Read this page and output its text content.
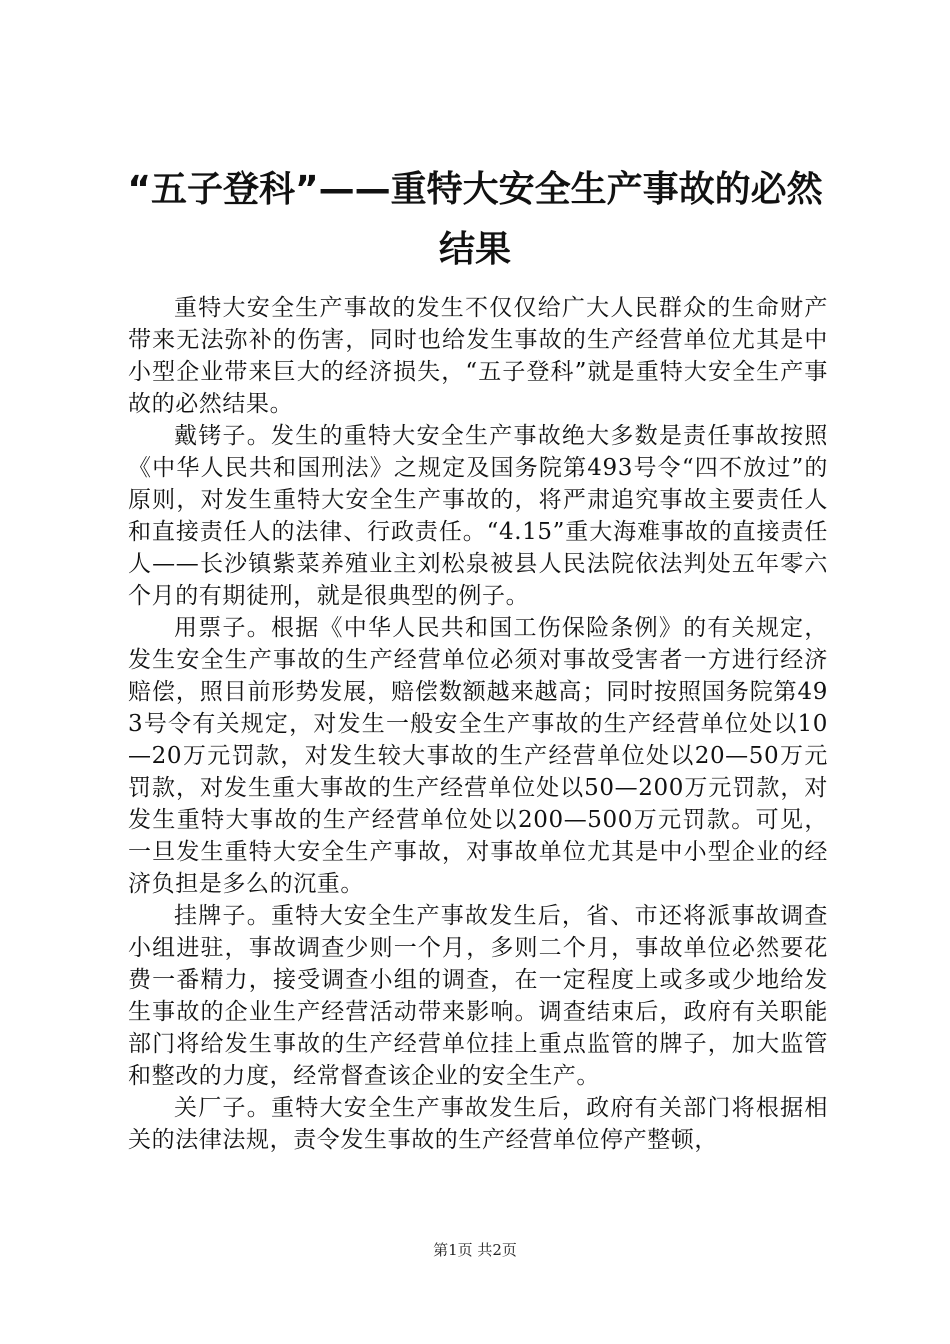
“五子登科”——重特大安全生产事故的必然
结果

重特大安全生产事故的发生不仅仅给广大人民群众的生命财产带来无法弥补的伤害，同时也给发生事故的生产经营单位尤其是中小型企业带来巨大的经济损失，“五子登科”就是重特大安全生产事故的必然结果。

戴铐子。发生的重特大安全生产事故绝大多数是责任事故按照《中华人民共和国刑法》之规定及国务院第493号令“四不放过”的原则，对发生重特大安全生产事故的，将严肃追究事故主要责任人和直接责任人的法律、行政责任。“4.15”重大海难事故的直接责任人——长沙镇紫菜养殖业主刘松泉被县人民法院依法判处五年零六个月的有期徒刑，就是很典型的例子。

用票子。根据《中华人民共和国工伤保险条例》的有关规定，发生安全生产事故的生产经营单位必须对事故受害者一方进行经济赔偿，照目前形势发展，赔偿数额越来越高；同时按照国务院第493号令有关规定，对发生一般安全生产事故的生产经营单位处以10—20万元罚款，对发生较大事故的生产经营单位处以20—50万元罚款，对发生重大事故的生产经营单位处以50—200万元罚款，对发生重特大事故的生产经营单位处以200—500万元罚款。可见，一旦发生重特大安全生产事故，对事故单位尤其是中小型企业的经济负担是多么的沉重。

挂牌子。重特大安全生产事故发生后，省、市还将派事故调查小组进驻，事故调查少则一个月，多则二个月，事故单位必然要花费一番精力，接受调查小组的调查，在一定程度上或多或少地给发生事故的企业生产经营活动带来影响。调查结束后，政府有关职能部门将给发生事故的生产经营单位挂上重点监管的牌子，加大监管和整改的力度，经常督查该企业的安全生产。

关厂子。重特大安全生产事故发生后，政府有关部门将根据相关的法律法规，责令发生事故的生产经营单位停产整顿，

第1页 共2页
